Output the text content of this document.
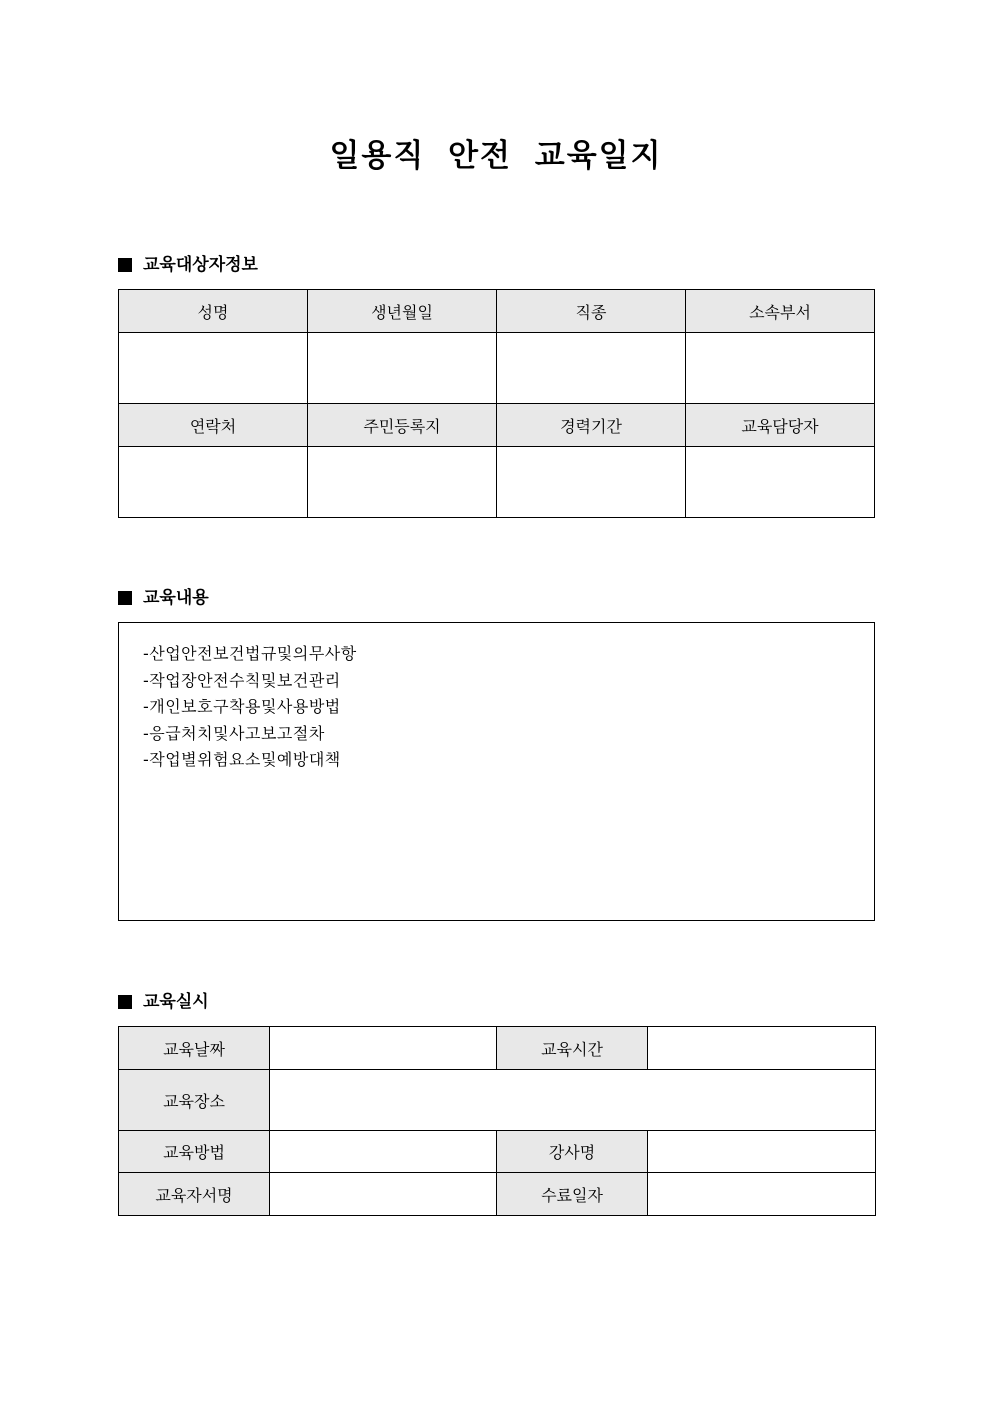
일용직 안전 교육일지
교육대상자정보
성명	생년월일	직종	소속부서

연락처	주민등록지	경력기간	교육담당자

교육내용
-산업안전보건법규및의무사항
-작업장안전수칙및보건관리
-개인보호구착용및사용방법
-응급처치및사고보고절차
-작업별위험요소및예방대책
교육실시
교육날짜		교육시간	
교육장소			
교육방법		강사명	
교육자서명		수료일자	
